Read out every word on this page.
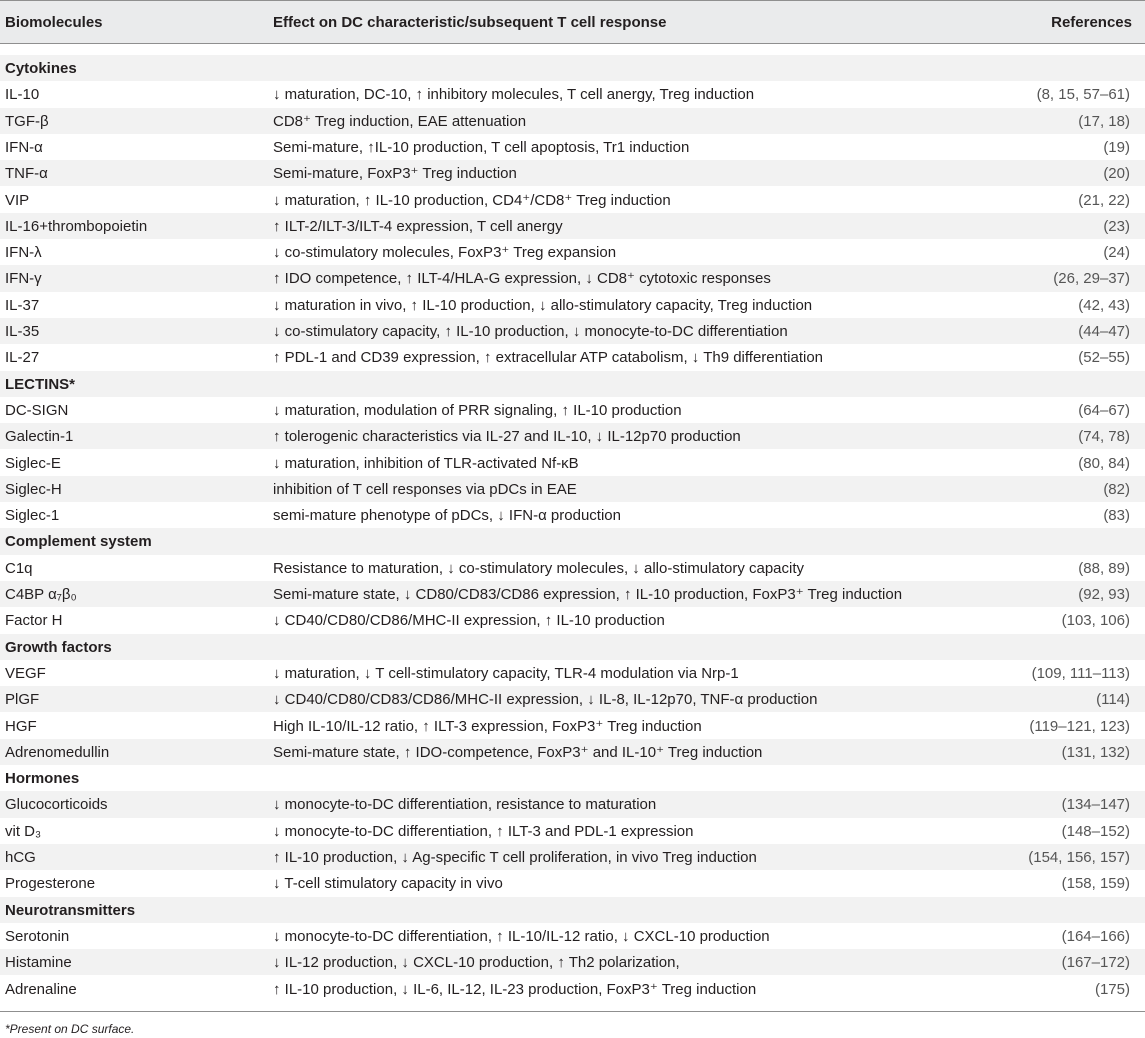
Biomolecules	Effect on DC characteristic/subsequent T cell response	References
Cytokines
IL-10	↓ maturation, DC-10, ↑ inhibitory molecules, T cell anergy, Treg induction	(8, 15, 57–61)
TGF-β	CD8⁺ Treg induction, EAE attenuation	(17, 18)
IFN-α	Semi-mature, ↑IL-10 production, T cell apoptosis, Tr1 induction	(19)
TNF-α	Semi-mature, FoxP3⁺ Treg induction	(20)
VIP	↓ maturation, ↑ IL-10 production, CD4⁺/CD8⁺ Treg induction	(21, 22)
IL-16+thrombopoietin	↑ ILT-2/ILT-3/ILT-4 expression, T cell anergy	(23)
IFN-λ	↓ co-stimulatory molecules, FoxP3⁺ Treg expansion	(24)
IFN-γ	↑ IDO competence, ↑ ILT-4/HLA-G expression, ↓ CD8⁺ cytotoxic responses	(26, 29–37)
IL-37	↓ maturation in vivo, ↑ IL-10 production, ↓ allo-stimulatory capacity, Treg induction	(42, 43)
IL-35	↓ co-stimulatory capacity, ↑ IL-10 production, ↓ monocyte-to-DC differentiation	(44–47)
IL-27	↑ PDL-1 and CD39 expression, ↑ extracellular ATP catabolism, ↓ Th9 differentiation	(52–55)
LECTINS*
DC-SIGN	↓ maturation, modulation of PRR signaling, ↑ IL-10 production	(64–67)
Galectin-1	↑ tolerogenic characteristics via IL-27 and IL-10, ↓ IL-12p70 production	(74, 78)
Siglec-E	↓ maturation, inhibition of TLR-activated Nf-κB	(80, 84)
Siglec-H	inhibition of T cell responses via pDCs in EAE	(82)
Siglec-1	semi-mature phenotype of pDCs, ↓ IFN-α production	(83)
Complement system
C1q	Resistance to maturation, ↓ co-stimulatory molecules, ↓ allo-stimulatory capacity	(88, 89)
C4BP α₇β₀	Semi-mature state, ↓ CD80/CD83/CD86 expression, ↑ IL-10 production, FoxP3⁺ Treg induction	(92, 93)
Factor H	↓ CD40/CD80/CD86/MHC-II expression, ↑ IL-10 production	(103, 106)
Growth factors
VEGF	↓ maturation, ↓ T cell-stimulatory capacity, TLR-4 modulation via Nrp-1	(109, 111–113)
PlGF	↓ CD40/CD80/CD83/CD86/MHC-II expression, ↓ IL-8, IL-12p70, TNF-α production	(114)
HGF	High IL-10/IL-12 ratio, ↑ ILT-3 expression, FoxP3⁺ Treg induction	(119–121, 123)
Adrenomedullin	Semi-mature state, ↑ IDO-competence, FoxP3⁺ and IL-10⁺ Treg induction	(131, 132)
Hormones
Glucocorticoids	↓ monocyte-to-DC differentiation, resistance to maturation	(134–147)
vit D₃	↓ monocyte-to-DC differentiation, ↑ ILT-3 and PDL-1 expression	(148–152)
hCG	↑ IL-10 production, ↓ Ag-specific T cell proliferation, in vivo Treg induction	(154, 156, 157)
Progesterone	↓ T-cell stimulatory capacity in vivo	(158, 159)
Neurotransmitters
Serotonin	↓ monocyte-to-DC differentiation, ↑ IL-10/IL-12 ratio, ↓ CXCL-10 production	(164–166)
Histamine	↓ IL-12 production, ↓ CXCL-10 production, ↑ Th2 polarization,	(167–172)
Adrenaline	↑ IL-10 production, ↓ IL-6, IL-12, IL-23 production, FoxP3⁺ Treg induction	(175)
*Present on DC surface.
